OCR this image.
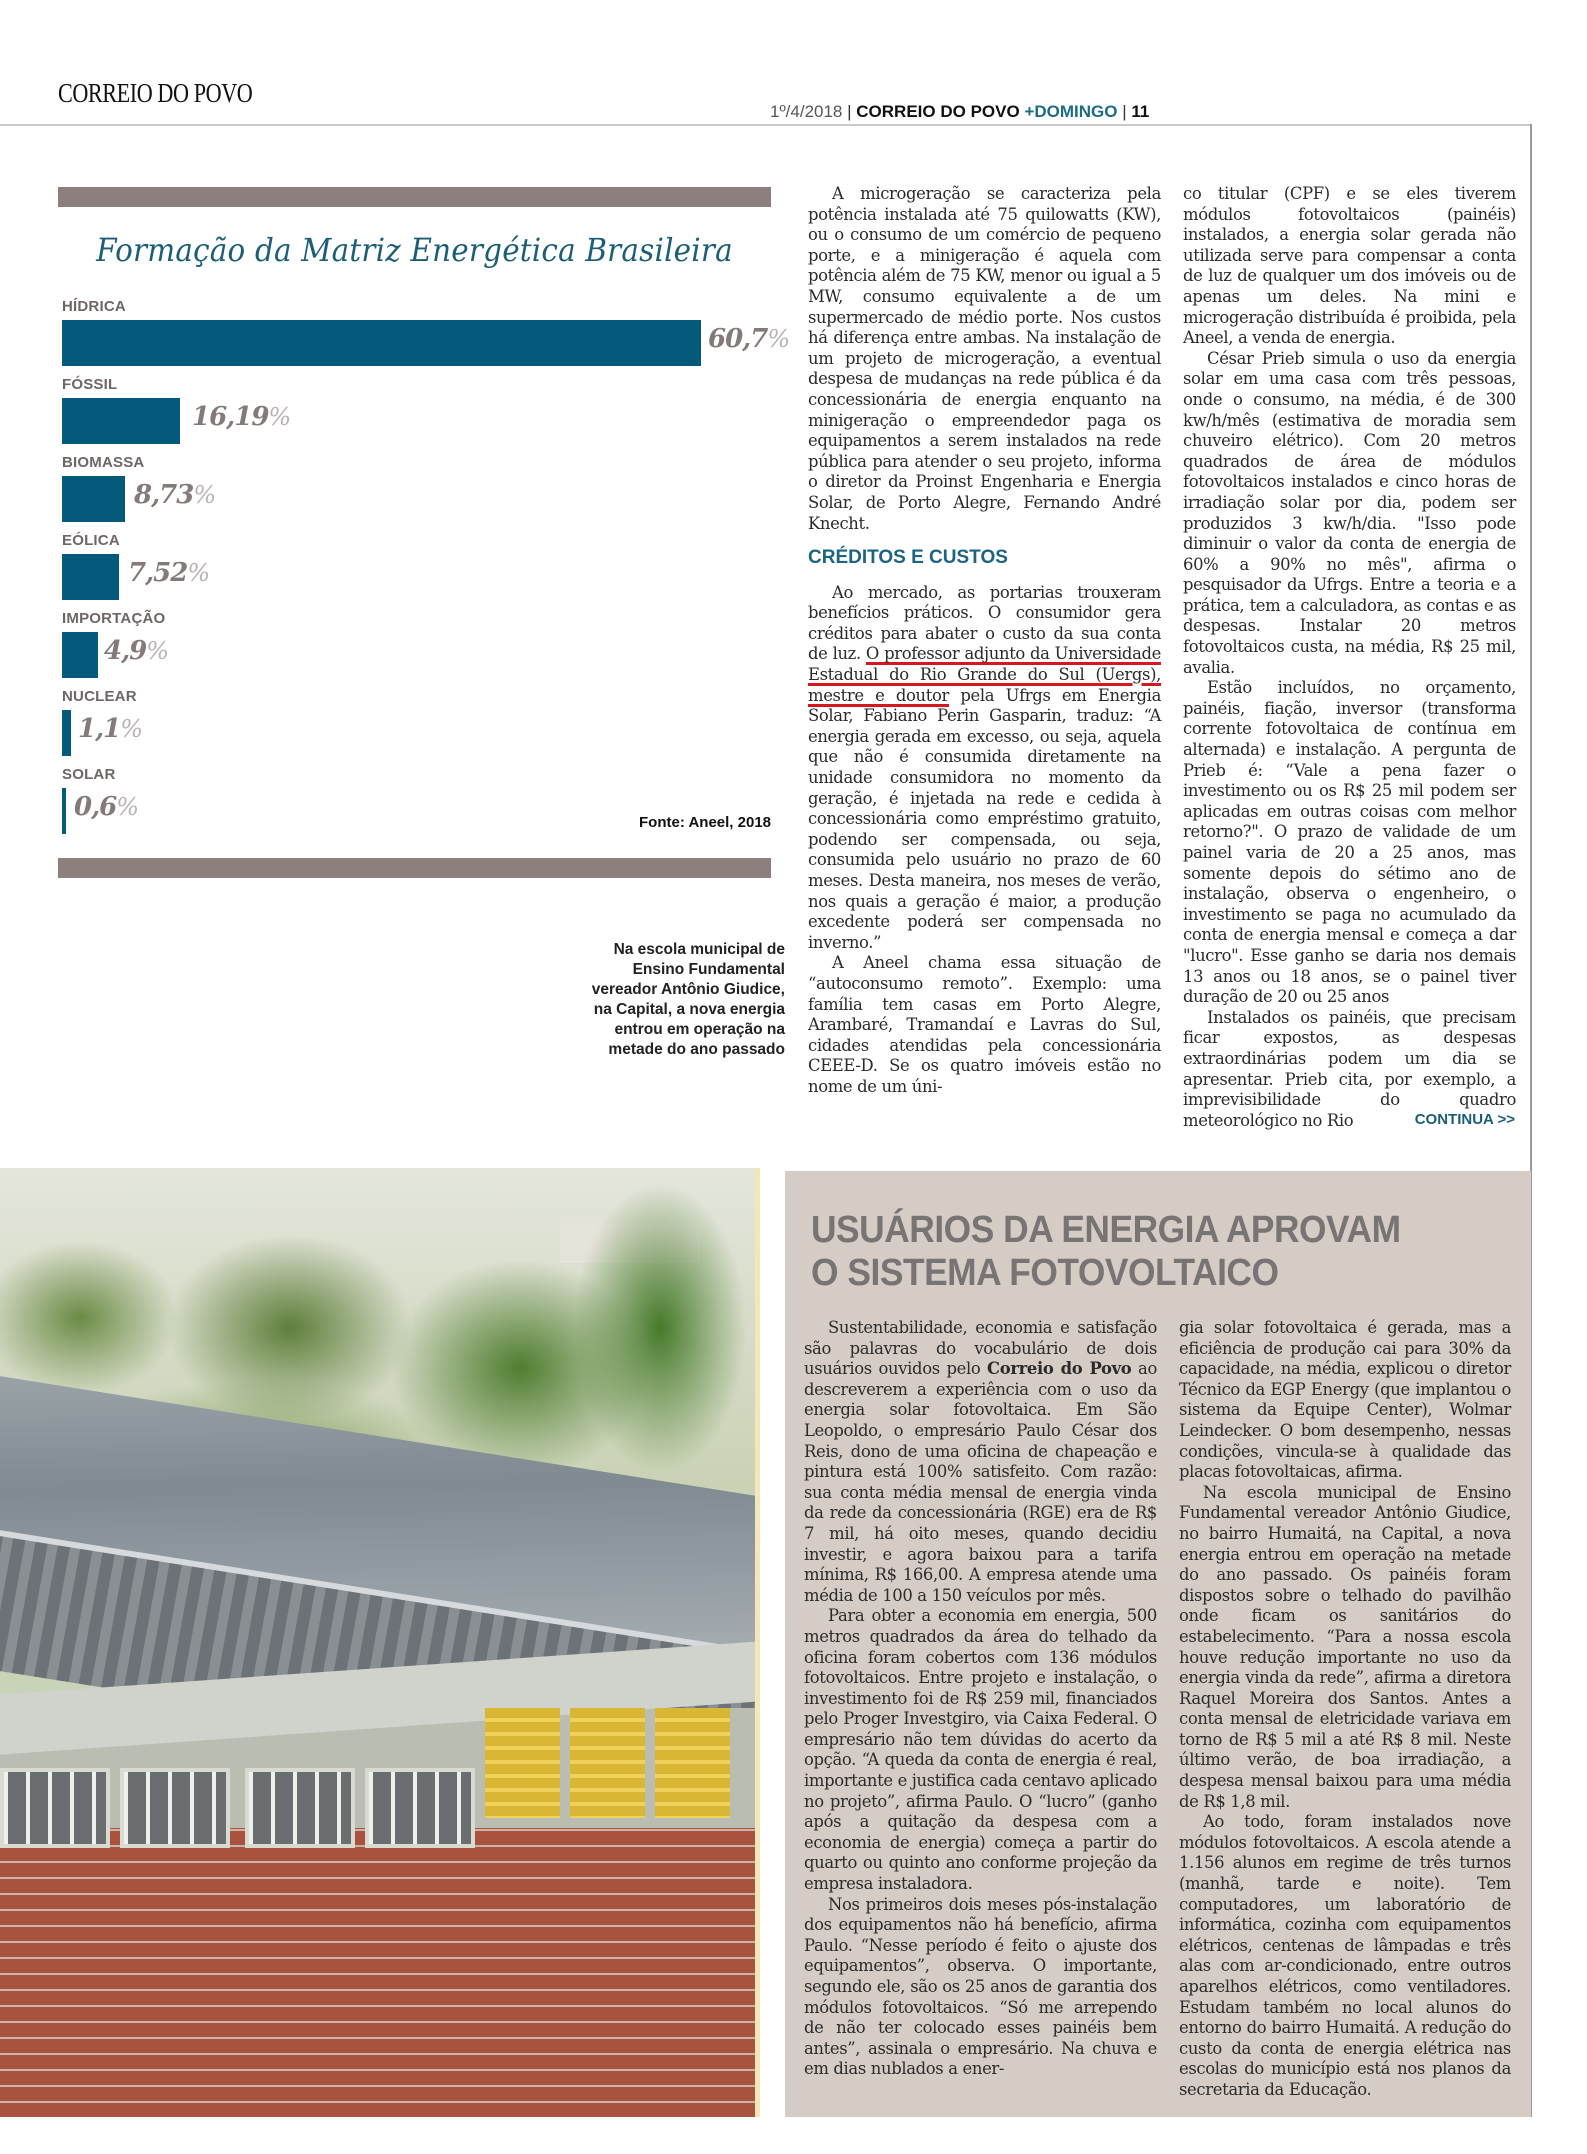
CORREIO DO POVO
1º/4/2018 | CORREIO DO POVO +DOMINGO | 11
Formação da Matriz Energética Brasileira
HÍDRICA
60,7%
FÓSSIL
16,19%
BIOMASSA
8,73%
EÓLICA
7,52%
IMPORTAÇÃO
4,9%
NUCLEAR
1,1%
SOLAR
0,6%
Fonte: Aneel, 2018
Na escola municipal de Ensino Fundamental vereador Antônio Giudice, na Capital, a nova energia entrou em operação na metade do ano passado

A microgeração se caracteriza pela potência instalada até 75 quilowatts (KW), ou o consumo de um comércio de pequeno porte, e a minigeração é aquela com potência além de 75 KW, menor ou igual a 5 MW, consumo equivalente a de um supermercado de médio porte. Nos custos há diferença entre ambas. Na instalação de um projeto de microgeração, a eventual despesa de mudanças na rede pública é da concessionária de energia enquanto na minigeração o empreendedor paga os equipamentos a serem instalados na rede pública para atender o seu projeto, informa o diretor da Proinst Engenharia e Energia Solar, de Porto Alegre, Fernando André Knecht.

CRÉDITOS E CUSTOS

Ao mercado, as portarias trouxeram benefícios práticos. O consumidor gera créditos para abater o custo da sua conta de luz. O professor adjunto da Universidade Estadual do Rio Grande do Sul (Uergs), mestre e doutor pela Ufrgs em Energia Solar, Fabiano Perin Gasparin, traduz: “A energia gerada em excesso, ou seja, aquela que não é consumida diretamente na unidade consumidora no momento da geração, é injetada na rede e cedida à concessionária como empréstimo gratuito, podendo ser compensada, ou seja, consumida pelo usuário no prazo de 60 meses. Desta maneira, nos meses de verão, nos quais a geração é maior, a produção excedente poderá ser compensada no inverno.”

A Aneel chama essa situação de “autoconsumo remoto”. Exemplo: uma família tem casas em Porto Alegre, Arambaré, Tramandaí e Lavras do Sul, cidades atendidas pela concessionária CEEE-D. Se os quatro imóveis estão no nome de um úni-

co titular (CPF) e se eles tiverem módulos fotovoltaicos (painéis) instalados, a energia solar gerada não utilizada serve para compensar a conta de luz de qualquer um dos imóveis ou de apenas um deles. Na mini e microgeração distribuída é proibida, pela Aneel, a venda de energia.

César Prieb simula o uso da energia solar em uma casa com três pessoas, onde o consumo, na média, é de 300 kw/h/mês (estimativa de moradia sem chuveiro elétrico). Com 20 metros quadrados de área de módulos fotovoltaicos instalados e cinco horas de irradiação solar por dia, podem ser produzidos 3 kw/h/dia. "Isso pode diminuir o valor da conta de energia de 60% a 90% no mês", afirma o pesquisador da Ufrgs. Entre a teoria e a prática, tem a calculadora, as contas e as despesas. Instalar 20 metros fotovoltaicos custa, na média, R$ 25 mil, avalia.

Estão incluídos, no orçamento, painéis, fiação, inversor (transforma corrente fotovoltaica de contínua em alternada) e instalação. A pergunta de Prieb é: “Vale a pena fazer o investimento ou os R$ 25 mil podem ser aplicadas em outras coisas com melhor retorno?". O prazo de validade de um painel varia de 20 a 25 anos, mas somente depois do sétimo ano de instalação, observa o engenheiro, o investimento se paga no acumulado da conta de energia mensal e começa a dar "lucro". Esse ganho se daria nos demais 13 anos ou 18 anos, se o painel tiver duração de 20 ou 25 anos

Instalados os painéis, que precisam ficar expostos, as despesas extraordinárias podem um dia se apresentar. Prieb cita, por exemplo, a imprevisibilidade do quadro meteorológico no Rio	CONTINUA >>
USUÁRIOS DA ENERGIA APROVAM
O SISTEMA FOTOVOLTAICO

Sustentabilidade, economia e satisfação são palavras do vocabulário de dois usuários ouvidos pelo Correio do Povo ao descreverem a experiência com o uso da energia solar fotovoltaica. Em São Leopoldo, o empresário Paulo César dos Reis, dono de uma oficina de chapeação e pintura está 100% satisfeito. Com razão: sua conta média mensal de energia vinda da rede da concessionária (RGE) era de R$ 7 mil, há oito meses, quando decidiu investir, e agora baixou para a tarifa mínima, R$ 166,00. A empresa atende uma média de 100 a 150 veículos por mês.

Para obter a economia em energia, 500 metros quadrados da área do telhado da oficina foram cobertos com 136 módulos fotovoltaicos. Entre projeto e instalação, o investimento foi de R$ 259 mil, financiados pelo Proger Investgiro, via Caixa Federal. O empresário não tem dúvidas do acerto da opção. “A queda da conta de energia é real, importante e justifica cada centavo aplicado no projeto”, afirma Paulo. O “lucro” (ganho após a quitação da despesa com a economia de energia) começa a partir do quarto ou quinto ano conforme projeção da empresa instaladora.

Nos primeiros dois meses pós-instalação dos equipamentos não há benefício, afirma Paulo. “Nesse período é feito o ajuste dos equipamentos”, observa. O importante, segundo ele, são os 25 anos de garantia dos módulos fotovoltaicos. “Só me arrependo de não ter colocado esses painéis bem antes”, assinala o empresário. Na chuva e em dias nublados a ener-

gia solar fotovoltaica é gerada, mas a eficiência de produção cai para 30% da capacidade, na média, explicou o diretor Técnico da EGP Energy (que implantou o sistema da Equipe Center), Wolmar Leindecker. O bom desempenho, nessas condições, vincula-se à qualidade das placas fotovoltaicas, afirma.

Na escola municipal de Ensino Fundamental vereador Antônio Giudice, no bairro Humaitá, na Capital, a nova energia entrou em operação na metade do ano passado. Os painéis foram dispostos sobre o telhado do pavilhão onde ficam os sanitários do estabelecimento. “Para a nossa escola houve redução importante no uso da energia vinda da rede”, afirma a diretora Raquel Moreira dos Santos. Antes a conta mensal de eletricidade variava em torno de R$ 5 mil a até R$ 8 mil. Neste último verão, de boa irradiação, a despesa mensal baixou para uma média de R$ 1,8 mil.

Ao todo, foram instalados nove módulos fotovoltaicos. A escola atende a 1.156 alunos em regime de três turnos (manhã, tarde e noite). Tem computadores, um laboratório de informática, cozinha com equipamentos elétricos, centenas de lâmpadas e três alas com ar-condicionado, entre outros aparelhos elétricos, como ventiladores. Estudam também no local alunos do entorno do bairro Humaitá. A redução do custo da conta de energia elétrica nas escolas do município está nos planos da secretaria da Educação.
